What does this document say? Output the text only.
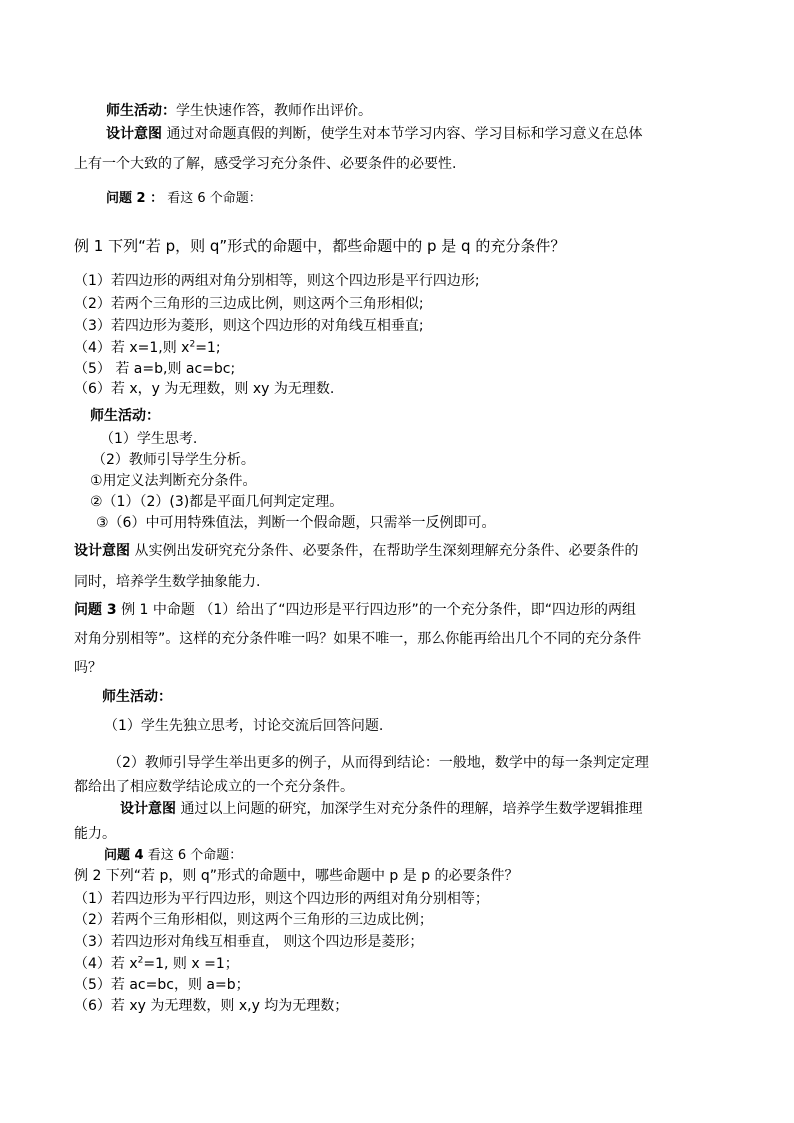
师生活动：学生快速作答，教师作出评价。
设计意图 通过对命题真假的判断，使学生对本节学习内容、学习目标和学习意义在总体
上有一个大致的了解，感受学习充分条件、必要条件的必要性.
问题 2 ： 看这 6 个命题：
例 1 下列“若 p，则 q”形式的命题中，都些命题中的 p 是 q 的充分条件？
（1）若四边形的两组对角分别相等，则这个四边形是平行四边形;
（2）若两个三角形的三边成比例，则这两个三角形相似;
（3）若四边形为菱形，则这个四边形的对角线互相垂直;
（4）若 x=1,则 $x^2=1$;
（5） 若 a=b,则 ac=bc;
（6）若 x，y 为无理数，则 xy 为无理数.
师生活动：
（1）学生思考.
（2）教师引导学生分析。
①用定义法判断充分条件。
②（1）（2）(3)都是平面几何判定定理。
③（6）中可用特殊值法，判断一个假命题，只需举一反例即可。
设计意图 从实例出发研究充分条件、必要条件，在帮助学生深刻理解充分条件、必要条件的
同时，培养学生数学抽象能力.
问题 3 例 1 中命题 （1）给出了“四边形是平行四边形”的一个充分条件，即“四边形的两组
对角分别相等”。这样的充分条件唯一吗？如果不唯一，那么你能再给出几个不同的充分条件
吗？
师生活动：
（1）学生先独立思考，讨论交流后回答问题.
（2）教师引导学生举出更多的例子，从而得到结论：一般地，数学中的每一条判定定理
都给出了相应数学结论成立的一个充分条件。
设计意图 通过以上问题的研究，加深学生对充分条件的理解，培养学生数学逻辑推理
能力。
问题 4 看这 6 个命题：
例 2 下列“若 p，则 q”形式的命题中，哪些命题中 p 是 p 的必要条件？
（1）若四边形为平行四边形，则这个四边形的两组对角分别相等；
（2）若两个三角形相似，则这两个三角形的三边成比例；
（3）若四边形对角线互相垂直， 则这个四边形是菱形；
（4）若 $x^2=1$, 则 x =1；
（5）若 ac=bc，则 a=b；
（6）若 xy 为无理数，则 x,y 均为无理数；
